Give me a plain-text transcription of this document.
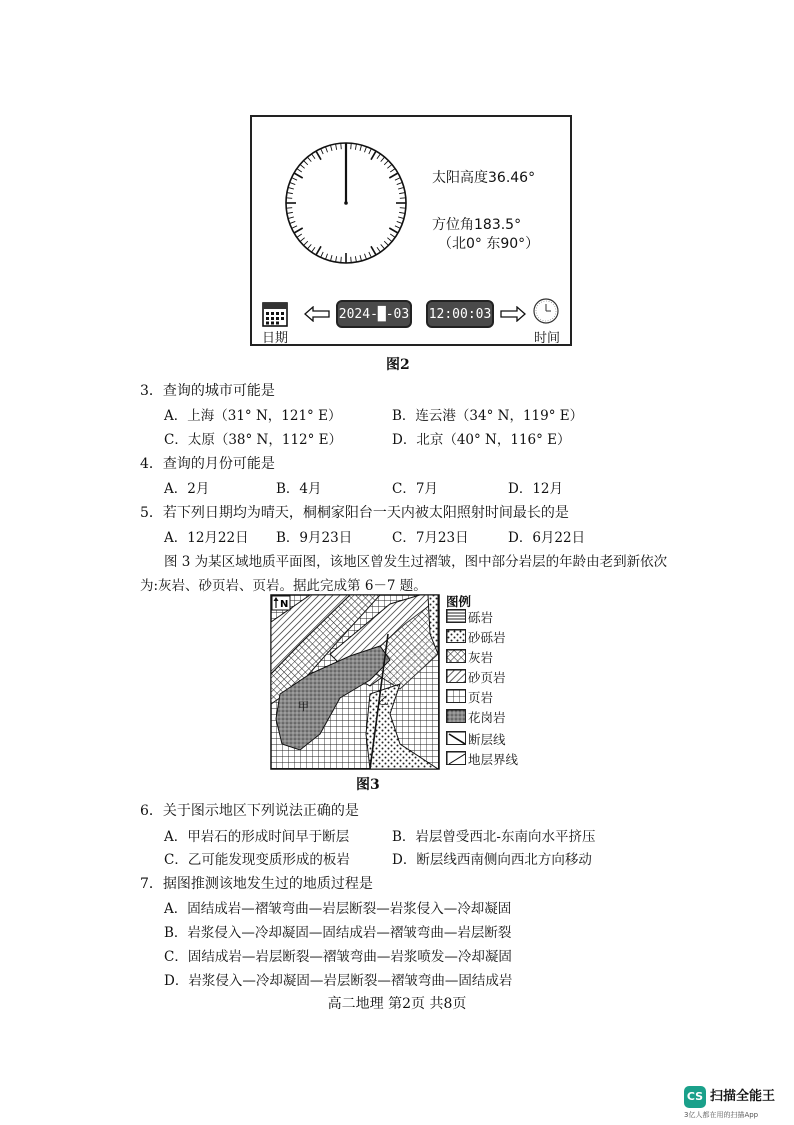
太阳高度36.46°
方位角183.5°
（北0° 东90°）
日期
2024-█-03 12:00:03
时间
图2
3．查询的城市可能是
A．上海（31° N，121° E）	B．连云港（34° N，119° E）
C．太原（38° N，112° E）	D．北京（40° N，116° E）
4．查询的月份可能是
A．2月	B．4月	C．7月	D．12月
5．若下列日期均为晴天，桐桐家阳台一天内被太阳照射时间最长的是
A．12月22日 B．9月23日	C．7月23日	D．6月22日
图 3 为某区域地质平面图，该地区曾发生过褶皱，图中部分岩层的年龄由老到新依次
为:灰岩、砂页岩、页岩。据此完成第 6－7 题。
N
甲	乙
图例
砾岩
砂砾岩
灰岩
砂页岩
页岩
花岗岩
断层线
地层界线
图3
6．关于图示地区下列说法正确的是
A．甲岩石的形成时间早于断层	B．岩层曾受西北-东南向水平挤压
C．乙可能发现变质形成的板岩	D．断层线西南侧向西北方向移动
7．据图推测该地发生过的地质过程是
A．固结成岩—褶皱弯曲—岩层断裂—岩浆侵入—冷却凝固
B．岩浆侵入—冷却凝固—固结成岩—褶皱弯曲—岩层断裂
C．固结成岩—岩层断裂—褶皱弯曲—岩浆喷发—冷却凝固
D．岩浆侵入—冷却凝固—岩层断裂—褶皱弯曲—固结成岩
高二地理 第2页 共8页
CS 扫描全能王
3亿人都在用的扫描App
